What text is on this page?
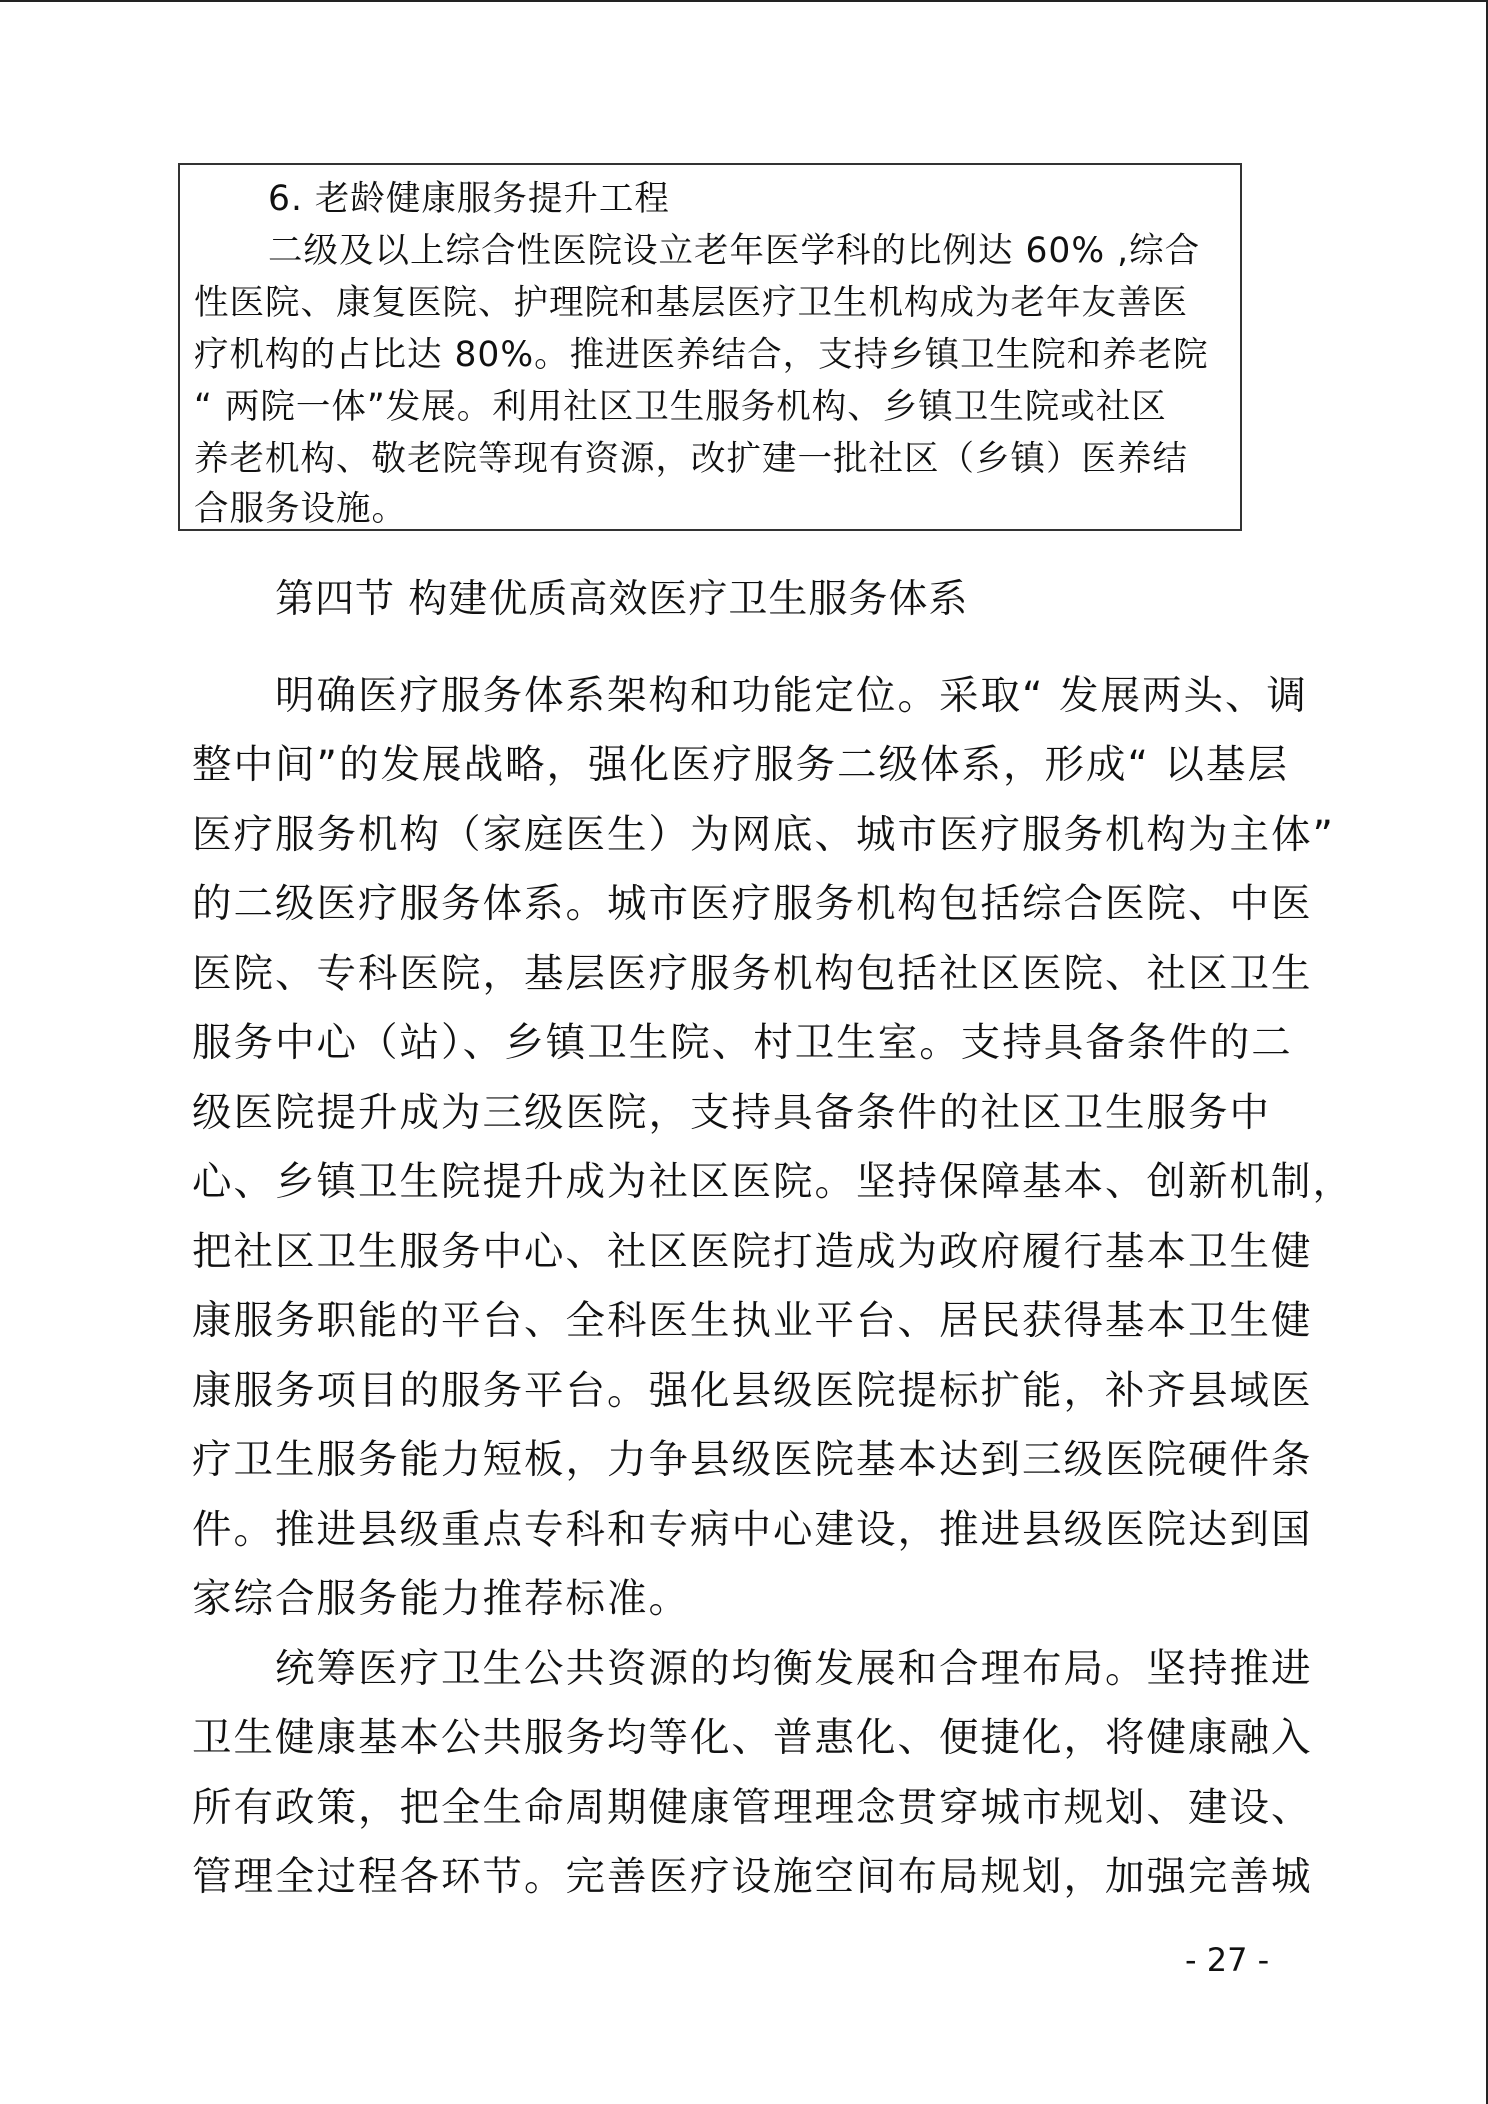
6. 老龄健康服务提升工程
二级及以上综合性医院设立老年医学科的比例达 60% ,综合
性医院、康复医院、护理院和基层医疗卫生机构成为老年友善医
疗机构的占比达 80%。推进医养结合，支持乡镇卫生院和养老院
“ 两院一体”发展。利用社区卫生服务机构、乡镇卫生院或社区
养老机构、敬老院等现有资源，改扩建一批社区（乡镇）医养结
合服务设施。
第四节 构建优质高效医疗卫生服务体系
明确医疗服务体系架构和功能定位。采取“ 发展两头、调
整中间”的发展战略，强化医疗服务二级体系，形成“ 以基层
医疗服务机构（家庭医生）为网底、城市医疗服务机构为主体”
的二级医疗服务体系。城市医疗服务机构包括综合医院、中医
医院、专科医院，基层医疗服务机构包括社区医院、社区卫生
服务中心（站）、乡镇卫生院、村卫生室。支持具备条件的二
级医院提升成为三级医院，支持具备条件的社区卫生服务中
心、乡镇卫生院提升成为社区医院。坚持保障基本、创新机制，
把社区卫生服务中心、社区医院打造成为政府履行基本卫生健
康服务职能的平台、全科医生执业平台、居民获得基本卫生健
康服务项目的服务平台。强化县级医院提标扩能，补齐县域医
疗卫生服务能力短板，力争县级医院基本达到三级医院硬件条
件。推进县级重点专科和专病中心建设，推进县级医院达到国
家综合服务能力推荐标准。
统筹医疗卫生公共资源的均衡发展和合理布局。坚持推进
卫生健康基本公共服务均等化、普惠化、便捷化，将健康融入
所有政策，把全生命周期健康管理理念贯穿城市规划、建设、
管理全过程各环节。完善医疗设施空间布局规划，加强完善城
- 27 -
